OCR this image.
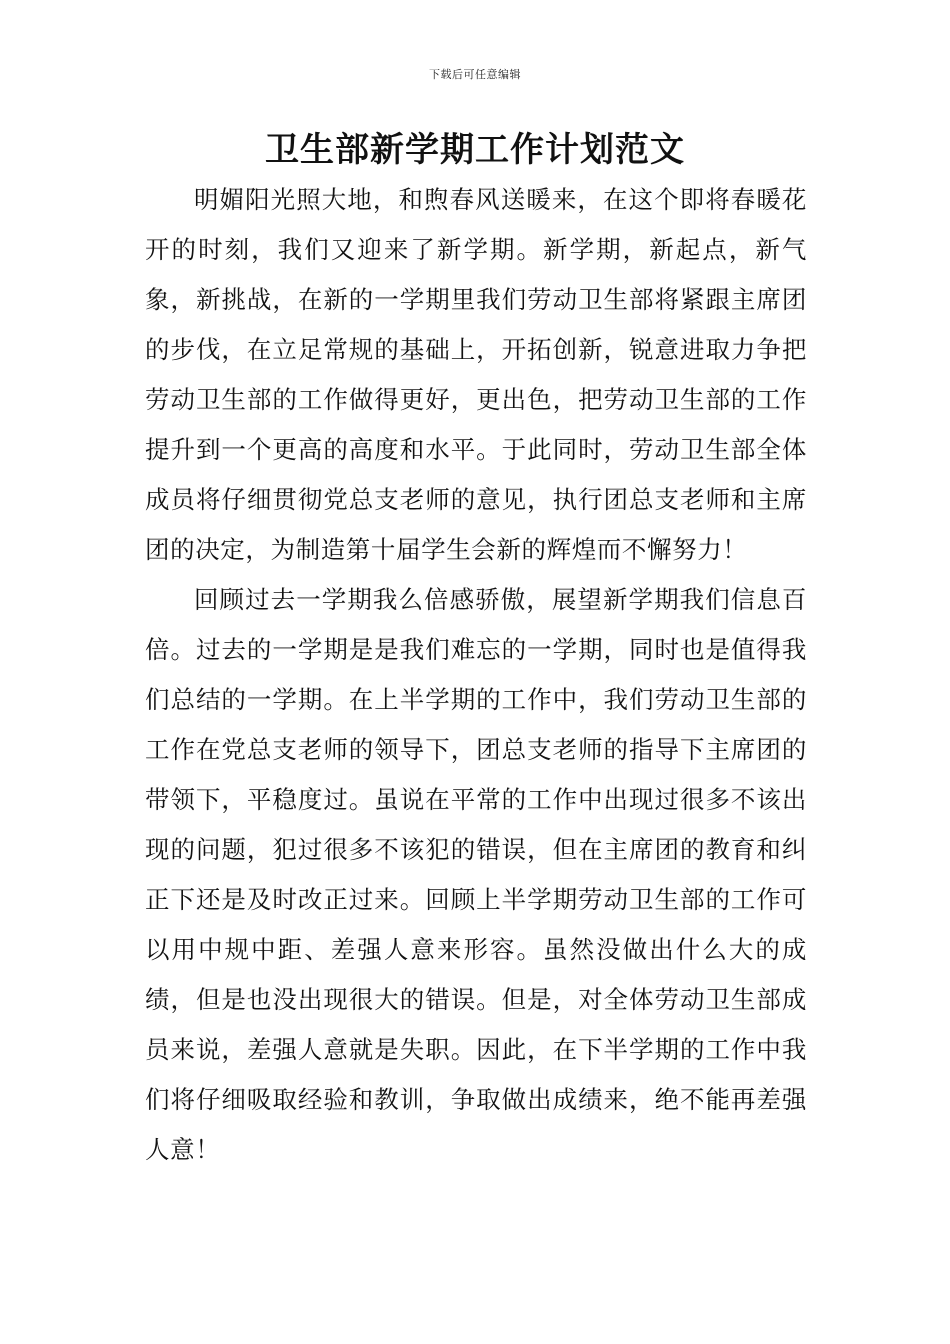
下载后可任意编辑
卫生部新学期工作计划范文

明媚阳光照大地，和煦春风送暖来，在这个即将春暖花开的时刻，我们又迎来了新学期。新学期，新起点，新气象，新挑战，在新的一学期里我们劳动卫生部将紧跟主席团的步伐，在立足常规的基础上，开拓创新，锐意进取力争把劳动卫生部的工作做得更好，更出色，把劳动卫生部的工作提升到一个更高的高度和水平。于此同时，劳动卫生部全体成员将仔细贯彻党总支老师的意见，执行团总支老师和主席团的决定，为制造第十届学生会新的辉煌而不懈努力！

回顾过去一学期我么倍感骄傲，展望新学期我们信息百倍。过去的一学期是是我们难忘的一学期，同时也是值得我们总结的一学期。在上半学期的工作中，我们劳动卫生部的工作在党总支老师的领导下，团总支老师的指导下主席团的带领下，平稳度过。虽说在平常的工作中出现过很多不该出现的问题，犯过很多不该犯的错误，但在主席团的教育和纠正下还是及时改正过来。回顾上半学期劳动卫生部的工作可以用中规中距、差强人意来形容。虽然没做出什么大的成绩，但是也没出现很大的错误。但是，对全体劳动卫生部成员来说，差强人意就是失职。因此，在下半学期的工作中我们将仔细吸取经验和教训，争取做出成绩来，绝不能再差强人意！
